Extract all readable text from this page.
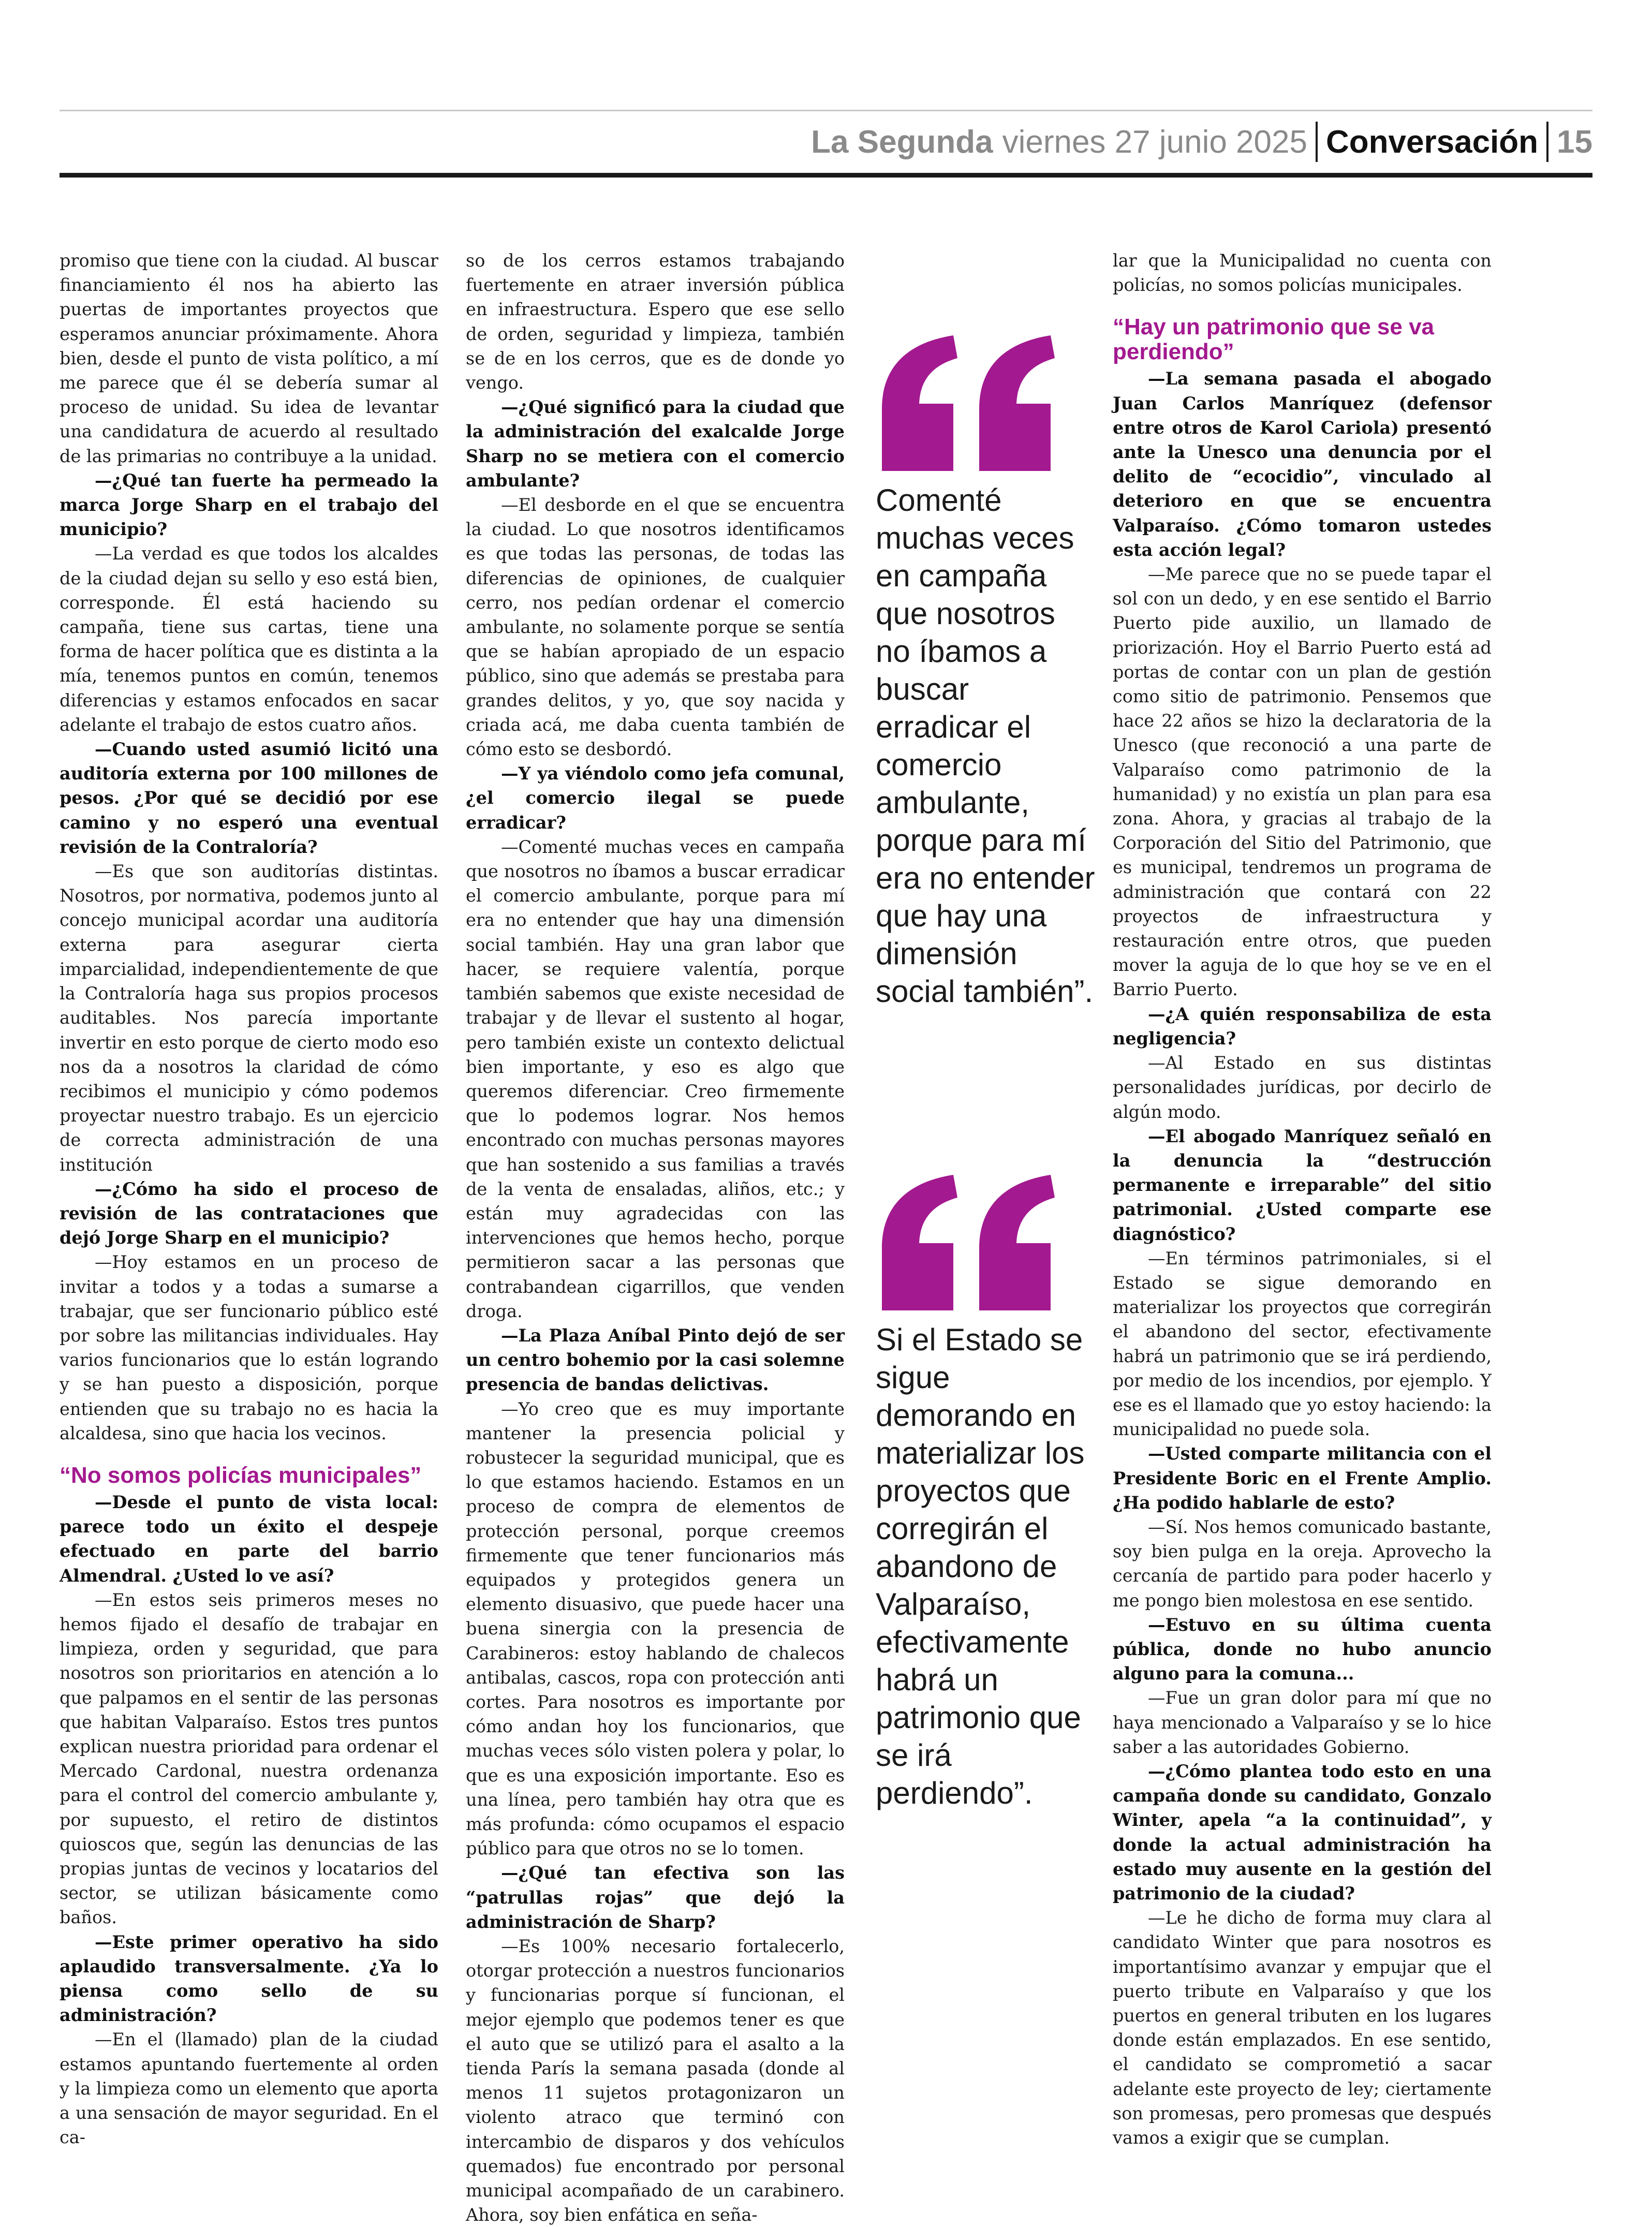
La Segunda viernes 27 junio 2025 Conversación 15

promiso que tiene con la ciudad. Al buscar financiamiento él nos ha abierto las puertas de importantes proyectos que esperamos anunciar próximamente. Ahora bien, desde el punto de vista político, a mí me parece que él se debería sumar al proceso de unidad. Su idea de levantar una candidatura de acuerdo al resultado de las primarias no contribuye a la unidad.

—¿Qué tan fuerte ha permeado la marca Jorge Sharp en el trabajo del municipio?

—La verdad es que todos los alcaldes de la ciudad dejan su sello y eso está bien, corresponde. Él está haciendo su campaña, tiene sus cartas, tiene una forma de hacer política que es distinta a la mía, tenemos puntos en común, tenemos diferencias y estamos enfocados en sacar adelante el trabajo de estos cuatro años.

—Cuando usted asumió licitó una auditoría externa por 100 millones de pesos. ¿Por qué se decidió por ese camino y no esperó una eventual revisión de la Contraloría?

—Es que son auditorías distintas. Nosotros, por normativa, podemos junto al concejo municipal acordar una auditoría externa para asegurar cierta imparcialidad, independientemente de que la Contraloría haga sus propios procesos auditables. Nos parecía importante invertir en esto porque de cierto modo eso nos da a nosotros la claridad de cómo recibimos el municipio y cómo podemos proyectar nuestro trabajo. Es un ejercicio de correcta administración de una institución

—¿Cómo ha sido el proceso de revisión de las contrataciones que dejó Jorge Sharp en el municipio?

—Hoy estamos en un proceso de invitar a todos y a todas a sumarse a trabajar, que ser funcionario público esté por sobre las militancias individuales. Hay varios funcionarios que lo están logrando y se han puesto a disposición, porque entienden que su trabajo no es hacia la alcaldesa, sino que hacia los vecinos.

“No somos policías municipales”

—Desde el punto de vista local: parece todo un éxito el despeje efectuado en parte del barrio Almendral. ¿Usted lo ve así?

—En estos seis primeros meses no hemos fijado el desafío de trabajar en limpieza, orden y seguridad, que para nosotros son prioritarios en atención a lo que palpamos en el sentir de las personas que habitan Valparaíso. Estos tres puntos explican nuestra prioridad para ordenar el Mercado Cardonal, nuestra ordenanza para el control del comercio ambulante y, por supuesto, el retiro de distintos quioscos que, según las denuncias de las propias juntas de vecinos y locatarios del sector, se utilizan básicamente como baños.

—Este primer operativo ha sido aplaudido transversalmente. ¿Ya lo piensa como sello de su administración?

—En el (llamado) plan de la ciudad estamos apuntando fuertemente al orden y la limpieza como un elemento que aporta a una sensación de mayor seguridad. En el ca-

so de los cerros estamos trabajando fuertemente en atraer inversión pública en infraestructura. Espero que ese sello de orden, seguridad y limpieza, también se de en los cerros, que es de donde yo vengo.

—¿Qué significó para la ciudad que la administración del exalcalde Jorge Sharp no se metiera con el comercio ambulante?

—El desborde en el que se encuentra la ciudad. Lo que nosotros identificamos es que todas las personas, de todas las diferencias de opiniones, de cualquier cerro, nos pedían ordenar el comercio ambulante, no solamente porque se sentía que se habían apropiado de un espacio público, sino que además se prestaba para grandes delitos, y yo, que soy nacida y criada acá, me daba cuenta también de cómo esto se desbordó.

—Y ya viéndolo como jefa comunal, ¿el comercio ilegal se puede erradicar?

—Comenté muchas veces en campaña que nosotros no íbamos a buscar erradicar el comercio ambulante, porque para mí era no entender que hay una dimensión social también. Hay una gran labor que hacer, se requiere valentía, porque también sabemos que existe necesidad de trabajar y de llevar el sustento al hogar, pero también existe un contexto delictual bien importante, y eso es algo que queremos diferenciar. Creo firmemente que lo podemos lograr. Nos hemos encontrado con muchas personas mayores que han sostenido a sus familias a través de la venta de ensaladas, aliños, etc.; y están muy agradecidas con las intervenciones que hemos hecho, porque permitieron sacar a las personas que contrabandean cigarrillos, que venden droga.

—La Plaza Aníbal Pinto dejó de ser un centro bohemio por la casi solemne presencia de bandas delictivas.

—Yo creo que es muy importante mantener la presencia policial y robustecer la seguridad municipal, que es lo que estamos haciendo. Estamos en un proceso de compra de elementos de protección personal, porque creemos firmemente que tener funcionarios más equipados y protegidos genera un elemento disuasivo, que puede hacer una buena sinergia con la presencia de Carabineros: estoy hablando de chalecos antibalas, cascos, ropa con protección anti cortes. Para nosotros es importante por cómo andan hoy los funcionarios, que muchas veces sólo visten polera y polar, lo que es una exposición importante. Eso es una línea, pero también hay otra que es más profunda: cómo ocupamos el espacio público para que otros no se lo tomen.

—¿Qué tan efectiva son las “patrullas rojas” que dejó la administración de Sharp?

—Es 100% necesario fortalecerlo, otorgar protección a nuestros funcionarios y funcionarias porque sí funcionan, el mejor ejemplo que podemos tener es que el auto que se utilizó para el asalto a la tienda París la semana pasada (donde al menos 11 sujetos protagonizaron un violento atraco que terminó con intercambio de disparos y dos vehículos quemados) fue encontrado por personal municipal acompañado de un carabinero. Ahora, soy bien enfática en seña-

Comenté muchas veces en campaña que nosotros no íbamos a buscar erradicar el comercio ambulante, porque para mí era no entender que hay una dimensión social también”.

Si el Estado se sigue demorando en materializar los proyectos que corregirán el abandono de Valparaíso, efectivamente habrá un patrimonio que se irá perdiendo”.

lar que la Municipalidad no cuenta con policías, no somos policías municipales.

“Hay un patrimonio que se va perdiendo”

—La semana pasada el abogado Juan Carlos Manríquez (defensor entre otros de Karol Cariola) presentó ante la Unesco una denuncia por el delito de “ecocidio”, vinculado al deterioro en que se encuentra Valparaíso. ¿Cómo tomaron ustedes esta acción legal?

—Me parece que no se puede tapar el sol con un dedo, y en ese sentido el Barrio Puerto pide auxilio, un llamado de priorización. Hoy el Barrio Puerto está ad portas de contar con un plan de gestión como sitio de patrimonio. Pensemos que hace 22 años se hizo la declaratoria de la Unesco (que reconoció a una parte de Valparaíso como patrimonio de la humanidad) y no existía un plan para esa zona. Ahora, y gracias al trabajo de la Corporación del Sitio del Patrimonio, que es municipal, tendremos un programa de administración que contará con 22 proyectos de infraestructura y restauración entre otros, que pueden mover la aguja de lo que hoy se ve en el Barrio Puerto.

—¿A quién responsabiliza de esta negligencia?

—Al Estado en sus distintas personalidades jurídicas, por decirlo de algún modo.

—El abogado Manríquez señaló en la denuncia la “destrucción permanente e irreparable” del sitio patrimonial. ¿Usted comparte ese diagnóstico?

—En términos patrimoniales, si el Estado se sigue demorando en materializar los proyectos que corregirán el abandono del sector, efectivamente habrá un patrimonio que se irá perdiendo, por medio de los incendios, por ejemplo. Y ese es el llamado que yo estoy haciendo: la municipalidad no puede sola.

—Usted comparte militancia con el Presidente Boric en el Frente Amplio. ¿Ha podido hablarle de esto?

—Sí. Nos hemos comunicado bastante, soy bien pulga en la oreja. Aprovecho la cercanía de partido para poder hacerlo y me pongo bien molestosa en ese sentido.

—Estuvo en su última cuenta pública, donde no hubo anuncio alguno para la comuna...

—Fue un gran dolor para mí que no haya mencionado a Valparaíso y se lo hice saber a las autoridades Gobierno.

—¿Cómo plantea todo esto en una campaña donde su candidato, Gonzalo Winter, apela “a la continuidad”, y donde la actual administración ha estado muy ausente en la gestión del patrimonio de la ciudad?

—Le he dicho de forma muy clara al candidato Winter que para nosotros es importantísimo avanzar y empujar que el puerto tribute en Valparaíso y que los puertos en general tributen en los lugares donde están emplazados. En ese sentido, el candidato se comprometió a sacar adelante este proyecto de ley; ciertamente son promesas, pero promesas que después vamos a exigir que se cumplan.
